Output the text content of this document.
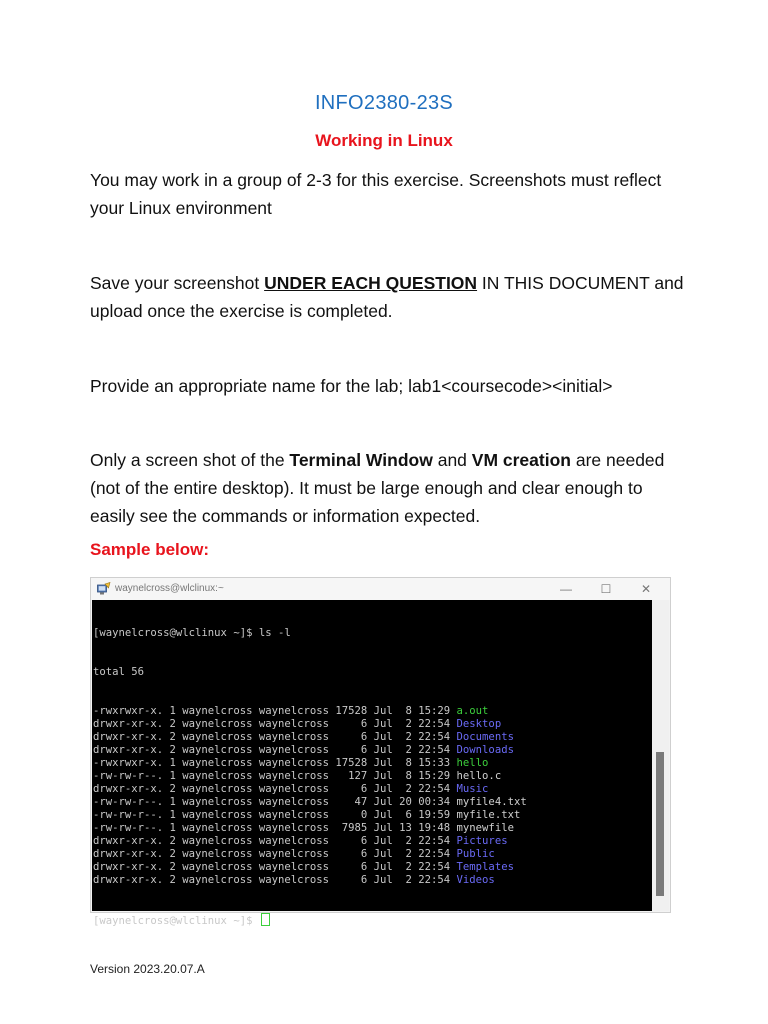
INFO2380-23S
Working in Linux
You may work in a group of 2-3 for this exercise. Screenshots must reflect your Linux environment
Save your screenshot UNDER EACH QUESTION IN THIS DOCUMENT and upload once the exercise is completed.
Provide an appropriate name for the lab; lab1<coursecode><initial>
Only a screen shot of the Terminal Window and VM creation are needed (not of the entire desktop). It must be large enough and clear enough to easily see the commands or information expected.
Sample below:
waynelcross@wlclinux:~	—	☐	✕

[waynelcross@wlclinux ~]$ ls -l

total 56

-rwxrwxr-x. 1 waynelcross waynelcross 17528 Jul  8 15:29 a.out
drwxr-xr-x. 2 waynelcross waynelcross     6 Jul  2 22:54 Desktop
drwxr-xr-x. 2 waynelcross waynelcross     6 Jul  2 22:54 Documents
drwxr-xr-x. 2 waynelcross waynelcross     6 Jul  2 22:54 Downloads
-rwxrwxr-x. 1 waynelcross waynelcross 17528 Jul  8 15:33 hello
-rw-rw-r--. 1 waynelcross waynelcross   127 Jul  8 15:29 hello.c
drwxr-xr-x. 2 waynelcross waynelcross     6 Jul  2 22:54 Music
-rw-rw-r--. 1 waynelcross waynelcross    47 Jul 20 00:34 myfile4.txt
-rw-rw-r--. 1 waynelcross waynelcross     0 Jul  6 19:59 myfile.txt
-rw-rw-r--. 1 waynelcross waynelcross  7985 Jul 13 19:48 mynewfile
drwxr-xr-x. 2 waynelcross waynelcross     6 Jul  2 22:54 Pictures
drwxr-xr-x. 2 waynelcross waynelcross     6 Jul  2 22:54 Public
drwxr-xr-x. 2 waynelcross waynelcross     6 Jul  2 22:54 Templates
drwxr-xr-x. 2 waynelcross waynelcross     6 Jul  2 22:54 Videos

[waynelcross@wlclinux ~]$

Version 2023.20.07.A
